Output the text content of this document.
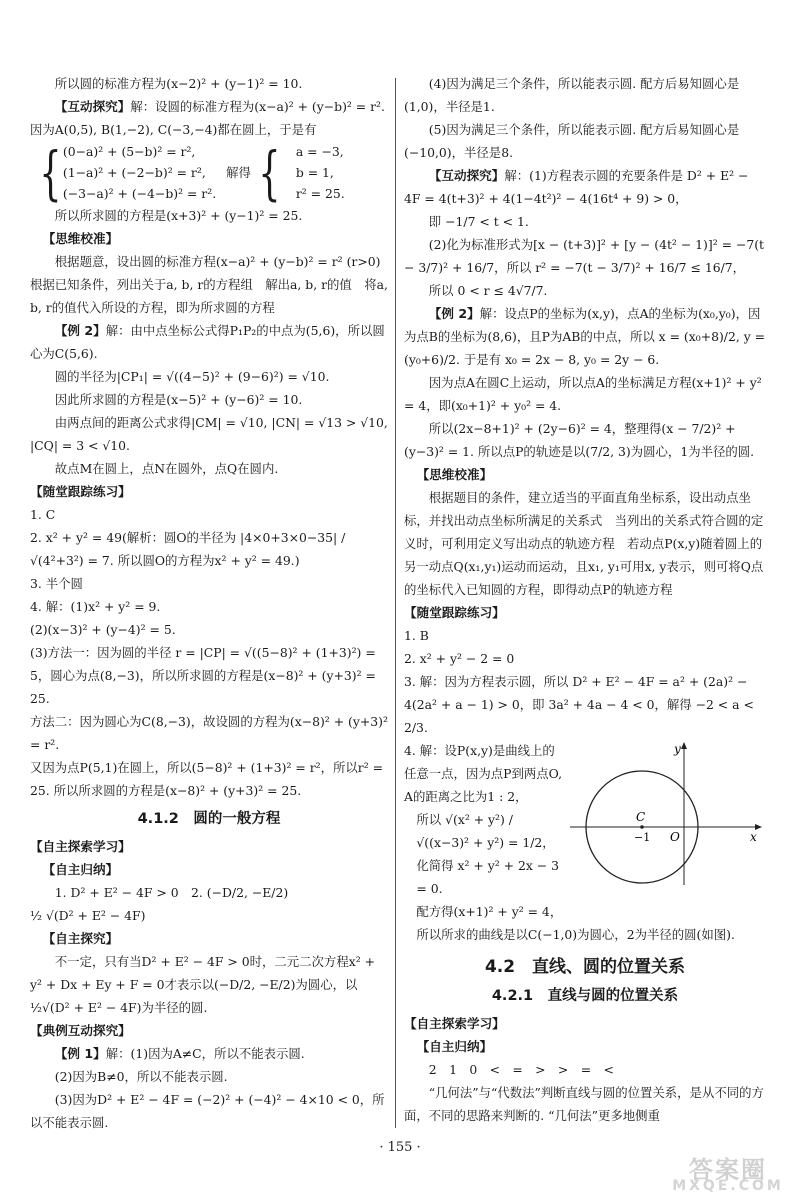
所以圆的标准方程为(x−2)² + (y−1)² = 10.

【互动探究】解：设圆的标准方程为(x−a)² + (y−b)² = r². 因为A(0,5), B(1,−2), C(−3,−4)都在圆上，于是有

{ (0−a)² + (5−b)² = r²,
(1−a)² + (−2−b)² = r²,
(−3−a)² + (−4−b)² = r².
解得 { a = −3,
b = 1,
r² = 25.

所以所求圆的方程是(x+3)² + (y−1)² = 25.

【思维校准】

根据题意，设出圆的标准方程(x−a)² + (y−b)² = r² (r>0)　根据已知条件，列出关于a, b, r的方程组　解出a, b, r的值　将a, b, r的值代入所设的方程，即为所求圆的方程

【例 2】解：由中点坐标公式得P₁P₂的中点为(5,6)，所以圆心为C(5,6).

圆的半径为|CP₁| = √((4−5)² + (9−6)²) = √10.

因此所求圆的方程是(x−5)² + (y−6)² = 10.

由两点间的距离公式求得|CM| = √10, |CN| = √13 > √10, |CQ| = 3 < √10.

故点M在圆上，点N在圆外，点Q在圆内.

【随堂跟踪练习】

1. C

2. x² + y² = 49(解析：圆O的半径为 |4×0+3×0−35| / √(4²+3²) = 7. 所以圆O的方程为x² + y² = 49.)

3. 半个圆

4. 解：(1)x² + y² = 9.

(2)(x−3)² + (y−4)² = 5.

(3)方法一：因为圆的半径 r = |CP| = √((5−8)² + (1+3)²) = 5，圆心为点(8,−3)，所以所求圆的方程是(x−8)² + (y+3)² = 25.

方法二：因为圆心为C(8,−3)，故设圆的方程为(x−8)² + (y+3)² = r².

又因为点P(5,1)在圆上，所以(5−8)² + (1+3)² = r²，所以r² = 25. 所以所求圆的方程是(x−8)² + (y+3)² = 25.

4.1.2　圆的一般方程

【自主探索学习】

【自主归纳】

1. D² + E² − 4F > 0　2. (−D/2, −E/2)

½ √(D² + E² − 4F)

【自主探究】

不一定，只有当D² + E² − 4F > 0时，二元二次方程x² + y² + Dx + Ey + F = 0才表示以(−D/2, −E/2)为圆心，以½√(D² + E² − 4F)为半径的圆.

【典例互动探究】

【例 1】解：(1)因为A≠C，所以不能表示圆.

(2)因为B≠0，所以不能表示圆.

(3)因为D² + E² − 4F = (−2)² + (−4)² − 4×10 < 0，所以不能表示圆.

(4)因为满足三个条件，所以能表示圆. 配方后易知圆心是(1,0)，半径是1.

(5)因为满足三个条件，所以能表示圆. 配方后易知圆心是(−10,0)，半径是8.

【互动探究】解：(1)方程表示圆的充要条件是 D² + E² − 4F = 4(t+3)² + 4(1−4t²)² − 4(16t⁴ + 9) > 0，

即 −1/7 < t < 1.

(2)化为标准形式为[x − (t+3)]² + [y − (4t² − 1)]² = −7(t − 3/7)² + 16/7，所以 r² = −7(t − 3/7)² + 16/7 ≤ 16/7，

所以 0 < r ≤ 4√7/7.

【例 2】解：设点P的坐标为(x,y)，点A的坐标为(x₀,y₀)，因为点B的坐标为(8,6)，且P为AB的中点，所以 x = (x₀+8)/2, y = (y₀+6)/2. 于是有 x₀ = 2x − 8, y₀ = 2y − 6.

因为点A在圆C上运动，所以点A的坐标满足方程(x+1)² + y² = 4，即(x₀+1)² + y₀² = 4.

所以(2x−8+1)² + (2y−6)² = 4，整理得(x − 7/2)² + (y−3)² = 1. 所以点P的轨迹是以(7/2, 3)为圆心，1为半径的圆.

【思维校准】

根据题目的条件，建立适当的平面直角坐标系，设出动点坐标，并找出动点坐标所满足的关系式　当列出的关系式符合圆的定义时，可利用定义写出动点的轨迹方程　若动点P(x,y)随着圆上的另一动点Q(x₁,y₁)运动而运动，且x₁, y₁可用x, y表示，则可将Q点的坐标代入已知圆的方程，即得动点P的轨迹方程

【随堂跟踪练习】

1. B

2. x² + y² − 2 = 0

3. 解：因为方程表示圆，所以 D² + E² − 4F = a² + (2a)² − 4(2a² + a − 1) > 0，即 3a² + 4a − 4 < 0，解得 −2 < a < 2/3.

y
x
O
C
−1

4. 解：设P(x,y)是曲线上的任意一点，因为点P到两点O, A的距离之比为1 : 2，

所以 √(x² + y²) / √((x−3)² + y²) = 1/2，化简得 x² + y² + 2x − 3 = 0.

配方得(x+1)² + y² = 4，

所以所求的曲线是以C(−1,0)为圆心，2为半径的圆(如图).

4.2　直线、圆的位置关系
4.2.1　直线与圆的位置关系

【自主探索学习】

【自主归纳】

2　1　0　<　=　>　>　=　<

“几何法”与“代数法”判断直线与圆的位置关系，是从不同的方面，不同的思路来判断的. “几何法”更多地侧重

· 155 ·
答案圈
MXQE.COM
